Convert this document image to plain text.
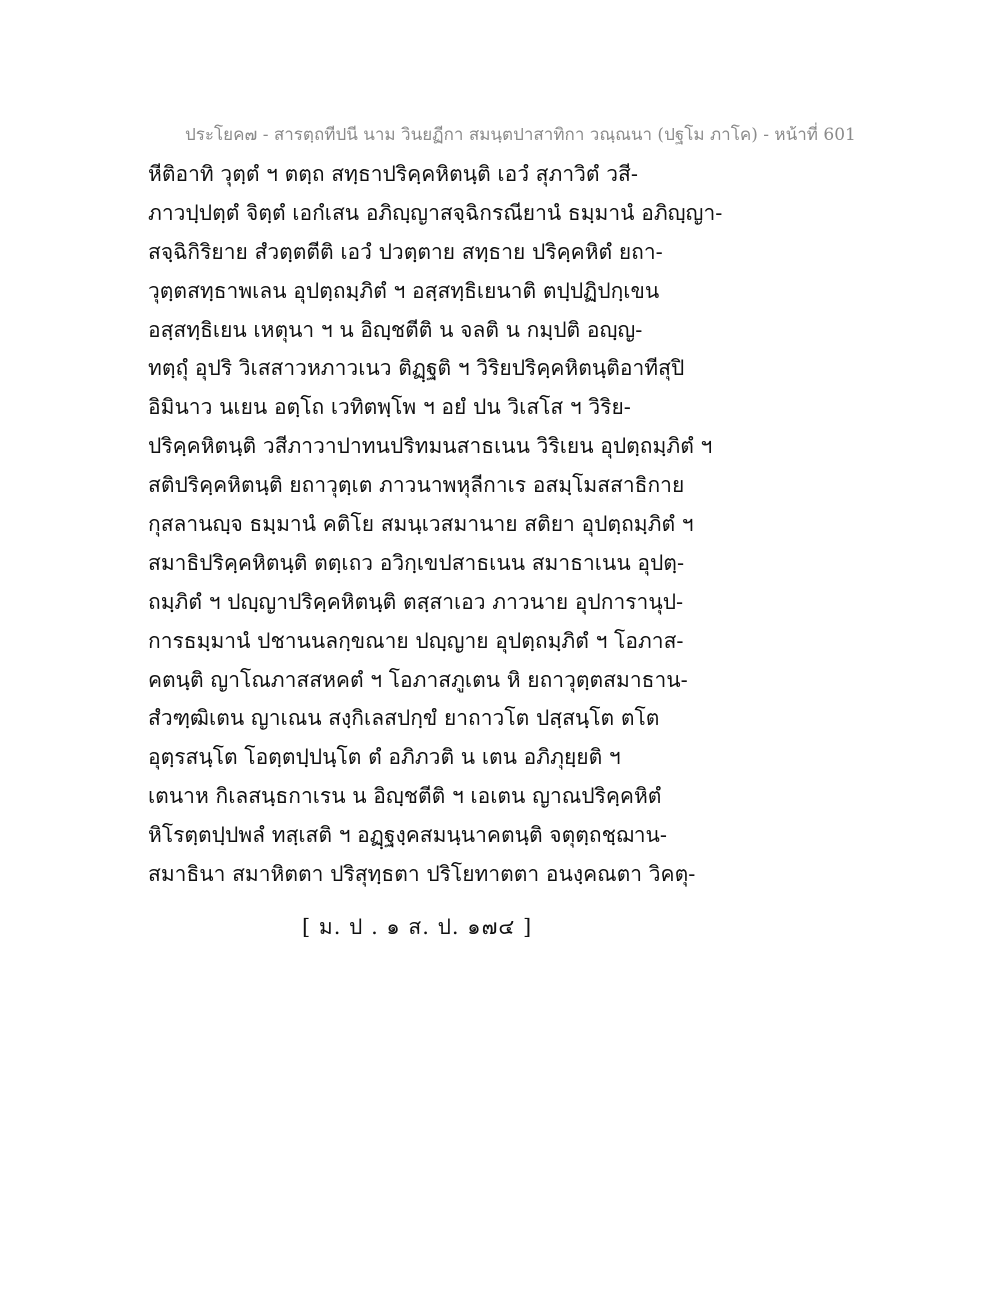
ประโยค๗ - สารตฺถทีปนี นาม วินยฏีกา สมนฺตปาสาทิกา วณฺณนา (ปฐโม ภาโค) - หน้าที่ 601
หีติอาทิ วุตฺตํ ฯ ตตฺถ สทฺธาปริคฺคหิตนฺติ เอวํ สุภาวิตํ วสี-
ภาวปฺปตฺตํ จิตฺตํ เอกํเสน อภิญฺญาสจฺฉิกรณียานํ ธมฺมานํ อภิญฺญา-
สจฺฉิกิริยาย สํวตฺตตีติ เอวํ ปวตฺตาย สทฺธาย ปริคฺคหิตํ ยถา-
วุตฺตสทฺธาพเลน อุปตฺถมฺภิตํ ฯ อสฺสทฺธิเยนาติ ตปฺปฏิปกฺเขน
อสฺสทฺธิเยน เหตุนา ฯ น อิญฺชตีติ น จลติ น กมฺปติ อญฺญ-
ทตฺถุํ อุปริ วิเสสาวหภาวเนว ติฏฺฐติ ฯ วิริยปริคฺคหิตนฺติอาทีสุปิ
อิมินาว นเยน อตฺโถ เวทิตพฺโพ ฯ อยํ ปน วิเสโส ฯ วิริย-
ปริคฺคหิตนฺติ วสีภาวาปาทนปริทมนสาธเนน วิริเยน อุปตฺถมฺภิตํ ฯ
สติปริคฺคหิตนฺติ ยถาวุตฺเต ภาวนาพหุลีกาเร อสมฺโมสสาธิกาย
กุสลานญฺจ ธมฺมานํ คติโย สมนฺเวสมานาย สติยา อุปตฺถมฺภิตํ ฯ
สมาธิปริคฺคหิตนฺติ ตตฺเถว อวิกฺเขปสาธเนน สมาธาเนน อุปตฺ-
ถมฺภิตํ ฯ ปญฺญาปริคฺคหิตนฺติ ตสฺสาเอว ภาวนาย อุปการานุป-
การธมฺมานํ ปชานนลกฺขณาย ปญฺญาย อุปตฺถมฺภิตํ ฯ โอภาส-
คตนฺติ ญาโณภาสสหคตํ ฯ โอภาสภูเตน หิ ยถาวุตฺตสมาธาน-
สํวฑฺฒิเตน ญาเณน สงฺกิเลสปกฺขํ ยาถาวโต ปสฺสนฺโต ตโต
อุตฺรสนฺโต โอตฺตปฺปนฺโต ตํ อภิภวติ น เตน อภิภุยฺยติ ฯ
เตนาห กิเลสนฺธกาเรน น อิญฺชตีติ ฯ เอเตน ญาณปริคฺคหิตํ
หิโรตฺตปฺปพลํ ทสฺเสติ ฯ อฏฺฐงฺคสมนฺนาคตนฺติ จตุตฺถชฺฌาน-
สมาธินา สมาหิตตา ปริสุทฺธตา ปริโยทาตตา อนงฺคณตา วิคตุ-
[ ม. ป . ๑ ส. ป. ๑๗๔ ]
